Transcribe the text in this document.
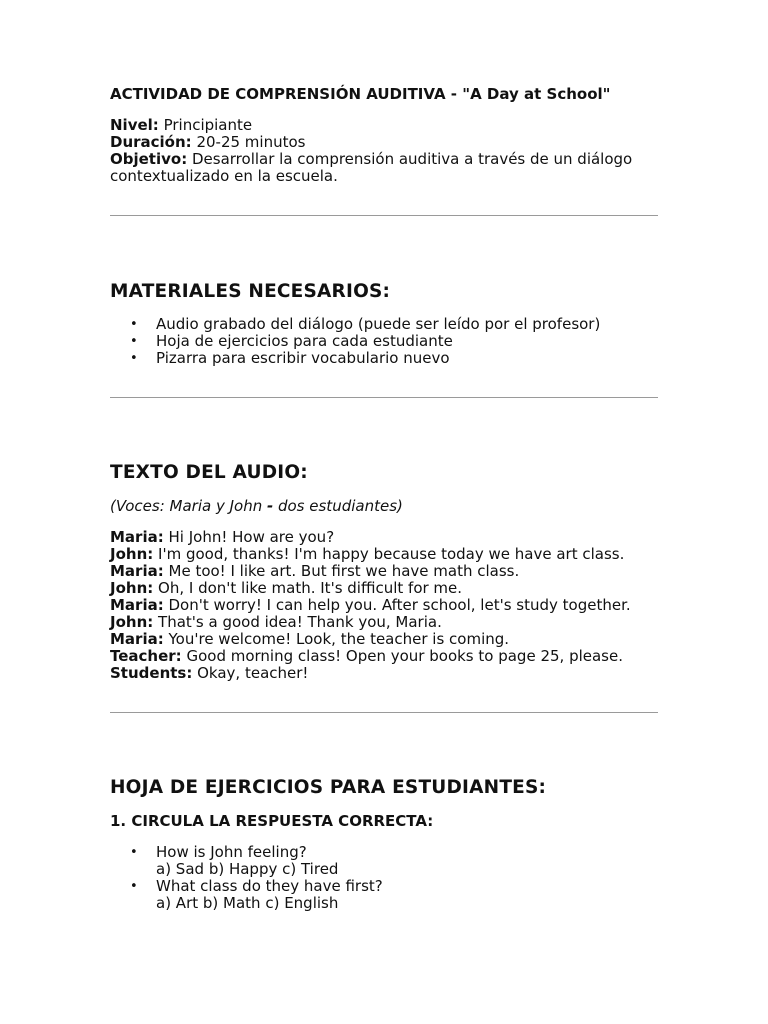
ACTIVIDAD DE COMPRENSIÓN AUDITIVA - "A Day at School"

Nivel: Principiante

Duración: 20-25 minutos

Objetivo: Desarrollar la comprensión auditiva a través de un diálogo contextualizado en la escuela.

MATERIALES NECESARIOS:
• Audio grabado del diálogo (puede ser leído por el profesor)
• Hoja de ejercicios para cada estudiante
• Pizarra para escribir vocabulario nuevo
TEXTO DEL AUDIO:

(Voces: Maria y John - dos estudiantes)

Maria: Hi John! How are you?

John: I'm good, thanks! I'm happy because today we have art class.

Maria: Me too! I like art. But first we have math class.

John: Oh, I don't like math. It's difficult for me.

Maria: Don't worry! I can help you. After school, let's study together.

John: That's a good idea! Thank you, Maria.

Maria: You're welcome! Look, the teacher is coming.

Teacher: Good morning class! Open your books to page 25, please.

Students: Okay, teacher!

HOJA DE EJERCICIOS PARA ESTUDIANTES:
1. CIRCULA LA RESPUESTA CORRECTA:
• How is John feeling?
a) Sad b) Happy c) Tired
• What class do they have first?
a) Art b) Math c) English
